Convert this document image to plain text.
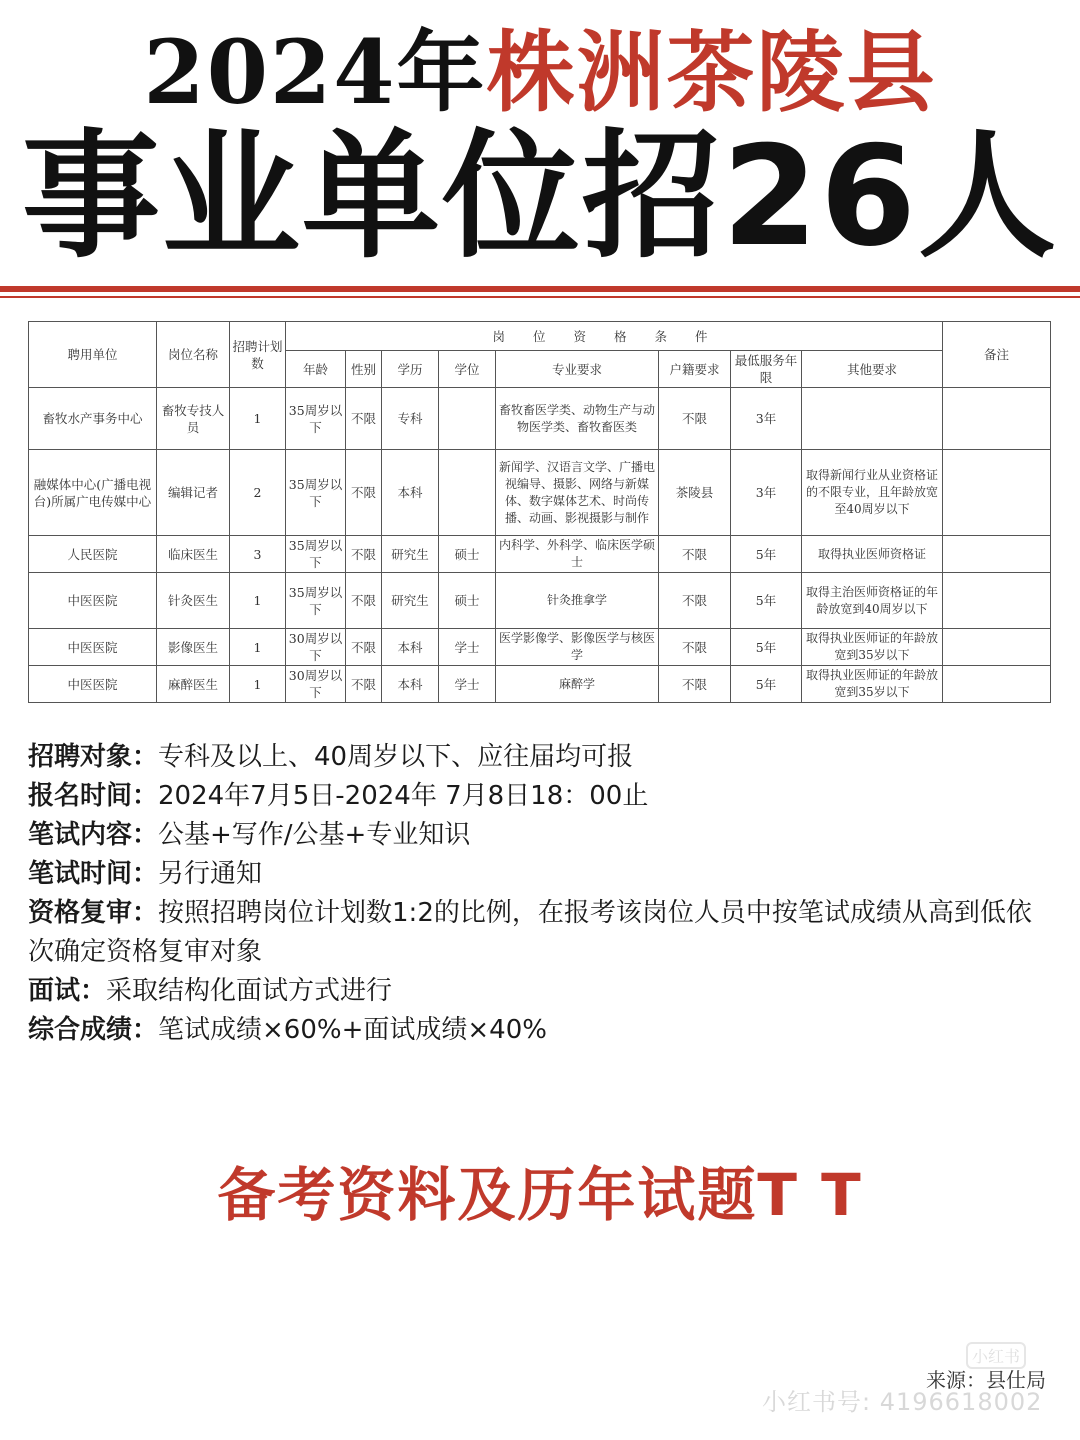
2024年株洲茶陵县
事业单位招26人
聘用单位	岗位名称	招聘计划数	岗位资格条件								备注
			年龄	性别	学历	学位	专业要求	户籍要求	最低服务年限	其他要求	
畜牧水产事务中心	畜牧专技人员	1	35周岁以下	不限	专科		畜牧畜医学类、动物生产与动物医学类、畜牧畜医类	不限	3年		
融媒体中心(广播电视台)所属广电传媒中心	编辑记者	2	35周岁以下	不限	本科		新闻学、汉语言文学、广播电视编导、摄影、网络与新媒体、数字媒体艺术、时尚传播、动画、影视摄影与制作	茶陵县	3年	取得新闻行业从业资格证的不限专业，且年龄放宽至40周岁以下	
人民医院	临床医生	3	35周岁以下	不限	研究生	硕士	内科学、外科学、临床医学硕士	不限	5年	取得执业医师资格证	
中医医院	针灸医生	1	35周岁以下	不限	研究生	硕士	针灸推拿学	不限	5年	取得主治医师资格证的年龄放宽到40周岁以下	
中医医院	影像医生	1	30周岁以下	不限	本科	学士	医学影像学、影像医学与核医学	不限	5年	取得执业医师证的年龄放宽到35岁以下	
中医医院	麻醉医生	1	30周岁以下	不限	本科	学士	麻醉学	不限	5年	取得执业医师证的年龄放宽到35岁以下	

招聘对象：专科及以上、40周岁以下、应往届均可报

报名时间：2024年7月5日-2024年 7月8日18：00止

笔试内容：公基+写作/公基+专业知识

笔试时间：另行通知

资格复审：按照招聘岗位计划数1:2的比例，在报考该岗位人员中按笔试成绩从高到低依次确定资格复审对象

面试：采取结构化面试方式进行

综合成绩：笔试成绩×60%+面试成绩×40%

备考资料及历年试题T T
小红书
来源：县仕局
小红书号: 4196618002
